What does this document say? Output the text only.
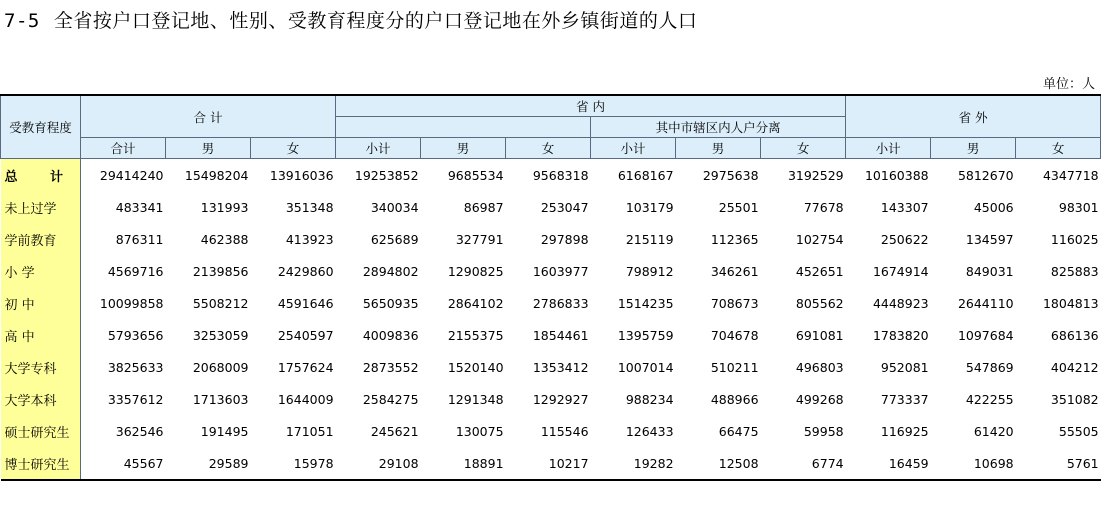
7-5 全省按户口登记地、性别、受教育程度分的户口登记地在外乡镇街道的人口
单位：人
受教育程度	合 计			省 内						省 外		
							其中市辖区内人户分离					
	合计	男	女	小计	男	女	小计	男	女	小计	男	女
总 计	29414240	15498204	13916036	19253852	9685534	9568318	6168167	2975638	3192529	10160388	5812670	4347718
未上过学	483341	131993	351348	340034	86987	253047	103179	25501	77678	143307	45006	98301
学前教育	876311	462388	413923	625689	327791	297898	215119	112365	102754	250622	134597	116025
小 学	4569716	2139856	2429860	2894802	1290825	1603977	798912	346261	452651	1674914	849031	825883
初 中	10099858	5508212	4591646	5650935	2864102	2786833	1514235	708673	805562	4448923	2644110	1804813
高 中	5793656	3253059	2540597	4009836	2155375	1854461	1395759	704678	691081	1783820	1097684	686136
大学专科	3825633	2068009	1757624	2873552	1520140	1353412	1007014	510211	496803	952081	547869	404212
大学本科	3357612	1713603	1644009	2584275	1291348	1292927	988234	488966	499268	773337	422255	351082
硕士研究生	362546	191495	171051	245621	130075	115546	126433	66475	59958	116925	61420	55505
博士研究生	45567	29589	15978	29108	18891	10217	19282	12508	6774	16459	10698	5761
